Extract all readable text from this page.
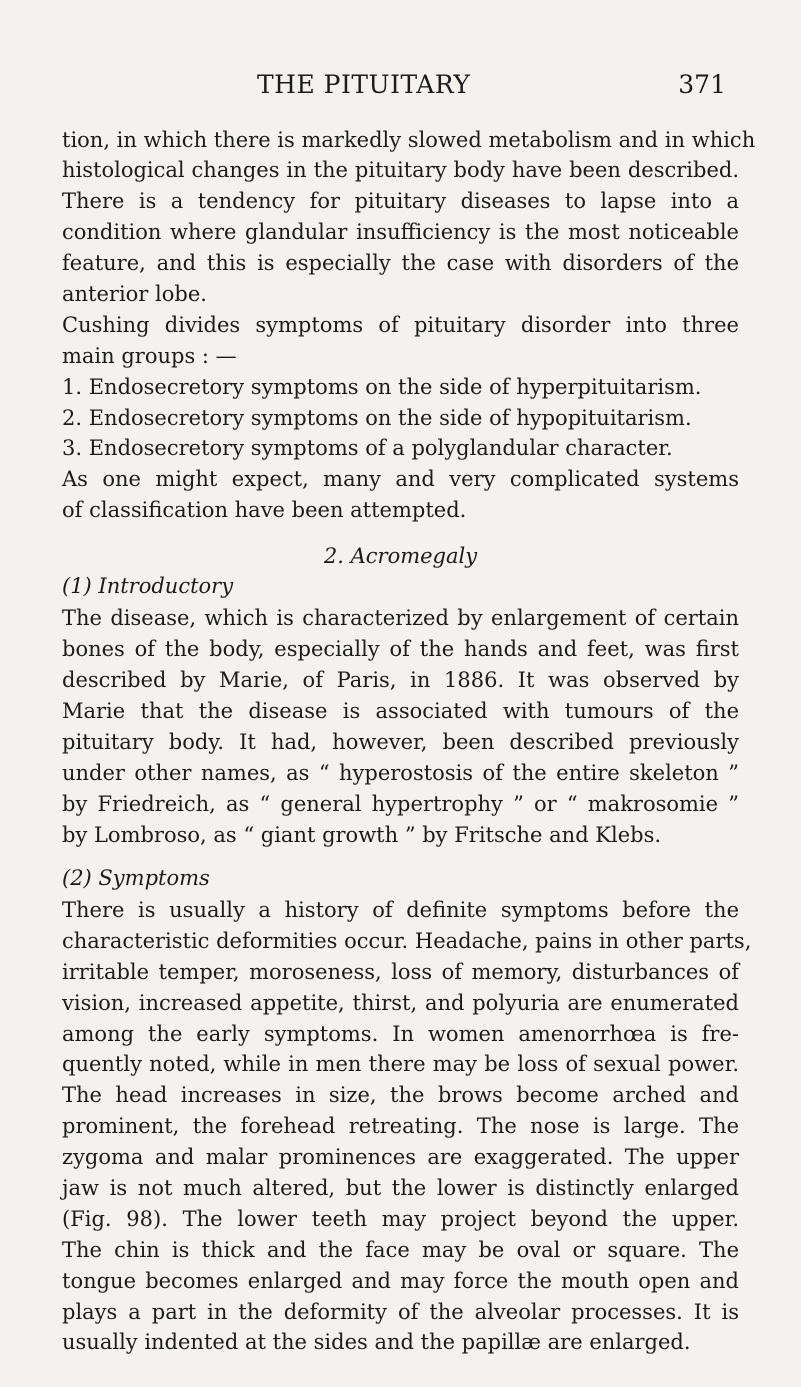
THE PITUITARY	371
tion, in which there is markedly slowed metabolism and in which
histological changes in the pituitary body have been described.
There is a tendency for pituitary diseases to lapse into a
condition where glandular insufficiency is the most noticeable
feature, and this is especially the case with disorders of the
anterior lobe.
Cushing divides symptoms of pituitary disorder into three
main groups : —
1. Endosecretory symptoms on the side of hyperpituitarism.
2. Endosecretory symptoms on the side of hypopituitarism.
3. Endosecretory symptoms of a polyglandular character.
As one might expect, many and very complicated systems
of classification have been attempted.
2. Acromegaly
(1) Introductory
The disease, which is characterized by enlargement of certain
bones of the body, especially of the hands and feet, was first
described by Marie, of Paris, in 1886. It was observed by
Marie that the disease is associated with tumours of the
pituitary body. It had, however, been described previously
under other names, as “ hyperostosis of the entire skeleton ”
by Friedreich, as “ general hypertrophy ” or “ makrosomie ”
by Lombroso, as “ giant growth ” by Fritsche and Klebs.
(2) Symptoms
There is usually a history of definite symptoms before the
characteristic deformities occur. Headache, pains in other parts,
irritable temper, moroseness, loss of memory, disturbances of
vision, increased appetite, thirst, and polyuria are enumerated
among the early symptoms. In women amenorrhœa is fre-
quently noted, while in men there may be loss of sexual power.
The head increases in size, the brows become arched and
prominent, the forehead retreating. The nose is large. The
zygoma and malar prominences are exaggerated. The upper
jaw is not much altered, but the lower is distinctly enlarged
(Fig. 98). The lower teeth may project beyond the upper.
The chin is thick and the face may be oval or square. The
tongue becomes enlarged and may force the mouth open and
plays a part in the deformity of the alveolar processes. It is
usually indented at the sides and the papillæ are enlarged.
